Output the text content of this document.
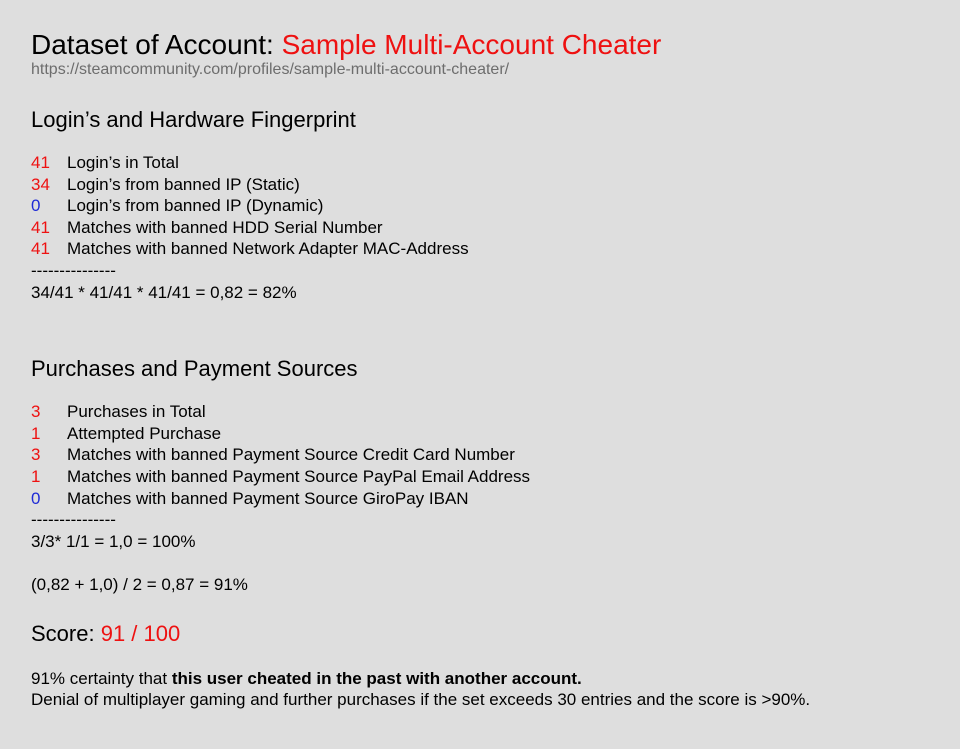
Dataset of Account: Sample Multi-Account Cheater
https://steamcommunity.com/profiles/sample-multi-account-cheater/
Login’s and Hardware Fingerprint
41	Login’s in Total
34	Login’s from banned IP (Static)
0	Login’s from banned IP (Dynamic)
41	Matches with banned HDD Serial Number
41	Matches with banned Network Adapter MAC-Address
---------------
34/41 * 41/41 * 41/41 = 0,82 = 82%
Purchases and Payment Sources
3	Purchases in Total
1	Attempted Purchase
3	Matches with banned Payment Source Credit Card Number
1	Matches with banned Payment Source PayPal Email Address
0	Matches with banned Payment Source GiroPay IBAN
---------------
3/3* 1/1 = 1,0 = 100%
(0,82 + 1,0) / 2 = 0,87 = 91%
Score: 91 / 100
91% certainty that this user cheated in the past with another account.
Denial of multiplayer gaming and further purchases if the set exceeds 30 entries and the score is >90%.
